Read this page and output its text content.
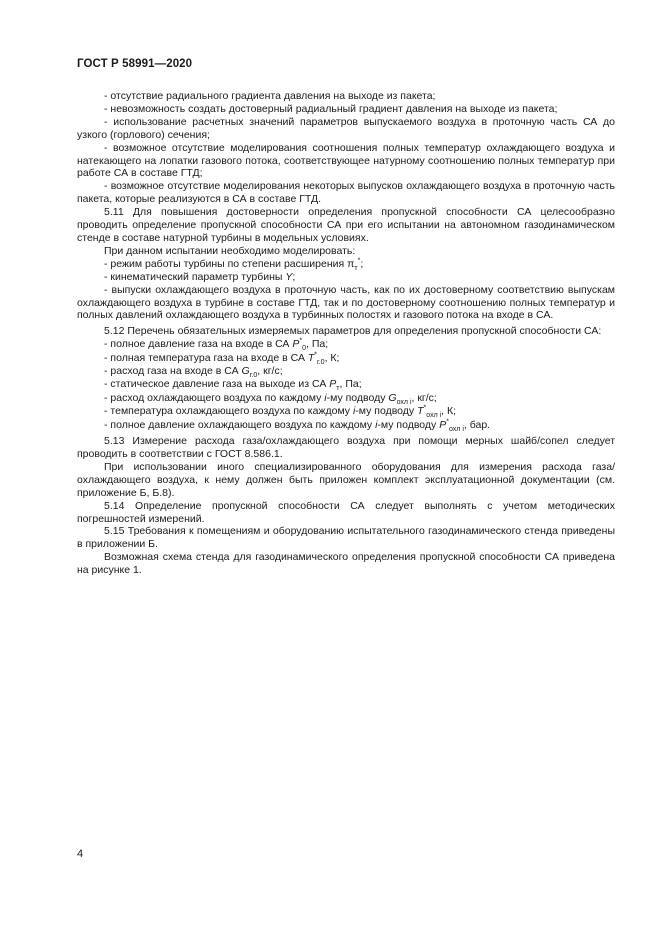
ГОСТ Р 58991—2020

- отсутствие радиального градиента давления на выходе из пакета;

- невозможность создать достоверный радиальный градиент давления на выходе из пакета;

- использование расчетных значений параметров выпускаемого воздуха в проточную часть СА до узкого (горлового) сечения;

- возможное отсутствие моделирования соотношения полных температур охлаждающего воздуха и натекающего на лопатки газового потока, соответствующее натурному соотношению полных температур при работе СА в составе ГТД;

- возможное отсутствие моделирования некоторых выпусков охлаждающего воздуха в проточную часть пакета, которые реализуются в СА в составе ГТД.

5.11 Для повышения достоверности определения пропускной способности СА целесообразно проводить определение пропускной способности СА при его испытании на автономном газодинамическом стенде в составе натурной турбины в модельных условиях.

При данном испытании необходимо моделировать:

- режим работы турбины по степени расширения $\pi_т^*$;

- кинематический параметр турбины Y;

- выпуски охлаждающего воздуха в проточную часть, как по их достоверному соответствию выпускам охлаждающего воздуха в турбине в составе ГТД, так и по достоверному соотношению полных температур и полных давлений охлаждающего воздуха в турбинных полостях и газового потока на входе в СА.

5.12 Перечень обязательных измеряемых параметров для определения пропускной способности СА:

- полное давление газа на входе в СА $P^*_0$, Па;

- полная температура газа на входе в СА $T^*_{г.0}$, К;

- расход газа на входе в СА $G_{г.0}$, кг/с;

- статическое давление газа на выходе из СА $P_т$, Па;

- расход охлаждающего воздуха по каждому i-му подводу $G_{охл i}$, кг/с;

- температура охлаждающего воздуха по каждому i-му подводу $T^*_{охл i}$, К;

- полное давление охлаждающего воздуха по каждому i-му подводу $P^*_{охл i}$, бар.

5.13 Измерение расхода газа/охлаждающего воздуха при помощи мерных шайб/сопел следует проводить в соответствии с ГОСТ 8.586.1.

При использовании иного специализированного оборудования для измерения расхода газа/охлаждающего воздуха, к нему должен быть приложен комплект эксплуатационной документации (см. приложение Б, Б.8).

5.14 Определение пропускной способности СА следует выполнять с учетом методических погрешностей измерений.

5.15 Требования к помещениям и оборудованию испытательного газодинамического стенда приведены в приложении Б.

Возможная схема стенда для газодинамического определения пропускной способности СА приведена на рисунке 1.

4
